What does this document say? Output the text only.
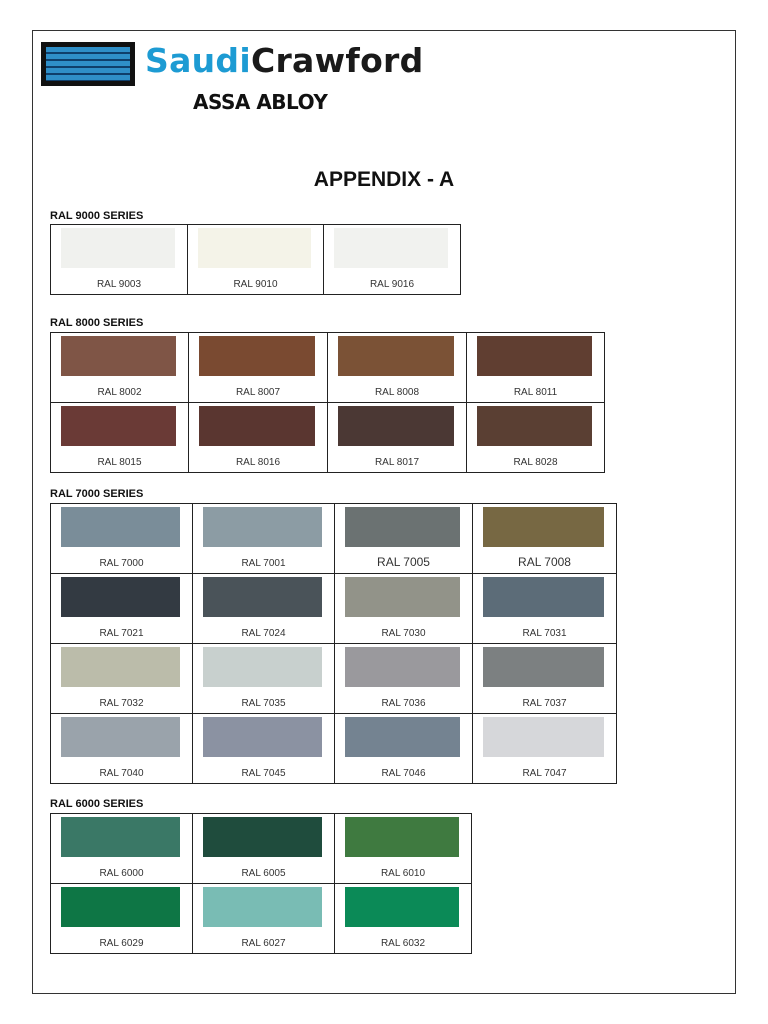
SaudiCrawford
ASSA ABLOY
APPENDIX - A
RAL 9000 SERIES
RAL 9003	RAL 9010	RAL 9016
RAL 8000 SERIES
RAL 8002	RAL 8007	RAL 8008	RAL 8011

RAL 8015	RAL 8016	RAL 8017	RAL 8028
RAL 7000 SERIES
RAL 7000	RAL 7001	RAL 7005	RAL 7008

RAL 7021	RAL 7024	RAL 7030	RAL 7031

RAL 7032	RAL 7035	RAL 7036	RAL 7037

RAL 7040	RAL 7045	RAL 7046	RAL 7047
RAL 6000 SERIES
RAL 6000	RAL 6005	RAL 6010

RAL 6029	RAL 6027	RAL 6032
